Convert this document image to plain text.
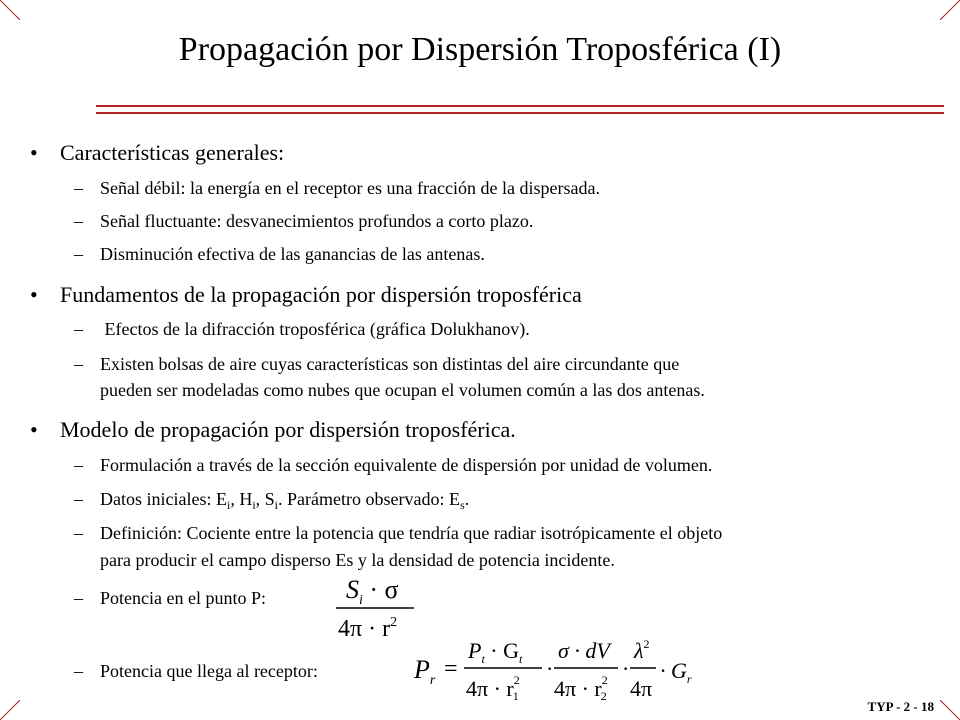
Propagación por Dispersión Troposférica (I)
• Características generales:
– Señal débil: la energía en el receptor es una fracción de la dispersada.
– Señal fluctuante: desvanecimientos profundos a corto plazo.
– Disminución efectiva de las ganancias de las antenas.
• Fundamentos de la propagación por dispersión troposférica
– Efectos de la difracción troposférica (gráfica Dolukhanov).
– Existen bolsas de aire cuyas características son distintas del aire circundante que
pueden ser modeladas como nubes que ocupan el volumen común a las dos antenas.
• Modelo de propagación por dispersión troposférica.
– Formulación a través de la sección equivalente de dispersión por unidad de volumen.
– Datos iniciales: $E_i$, $H_i$, $S_i$. Parámetro observado: $E_s$.
– Definición: Cociente entre la potencia que tendría que radiar isotrópicamente el objeto
para producir el campo disperso Es y la densidad de potencia incidente.
– Potencia en el punto P:
– Potencia que llega al receptor:
$S_i \cdot \sigma$
$4\pi \cdot r^2$
$P_r$ =
$P_t \cdot G_t$
$4\pi \cdot r^2$ 1
·
σ · dV
$4\pi \cdot r^2$ 2
·
$\lambda^2$
4π
· $G_r$
TYP - 2 - 18
